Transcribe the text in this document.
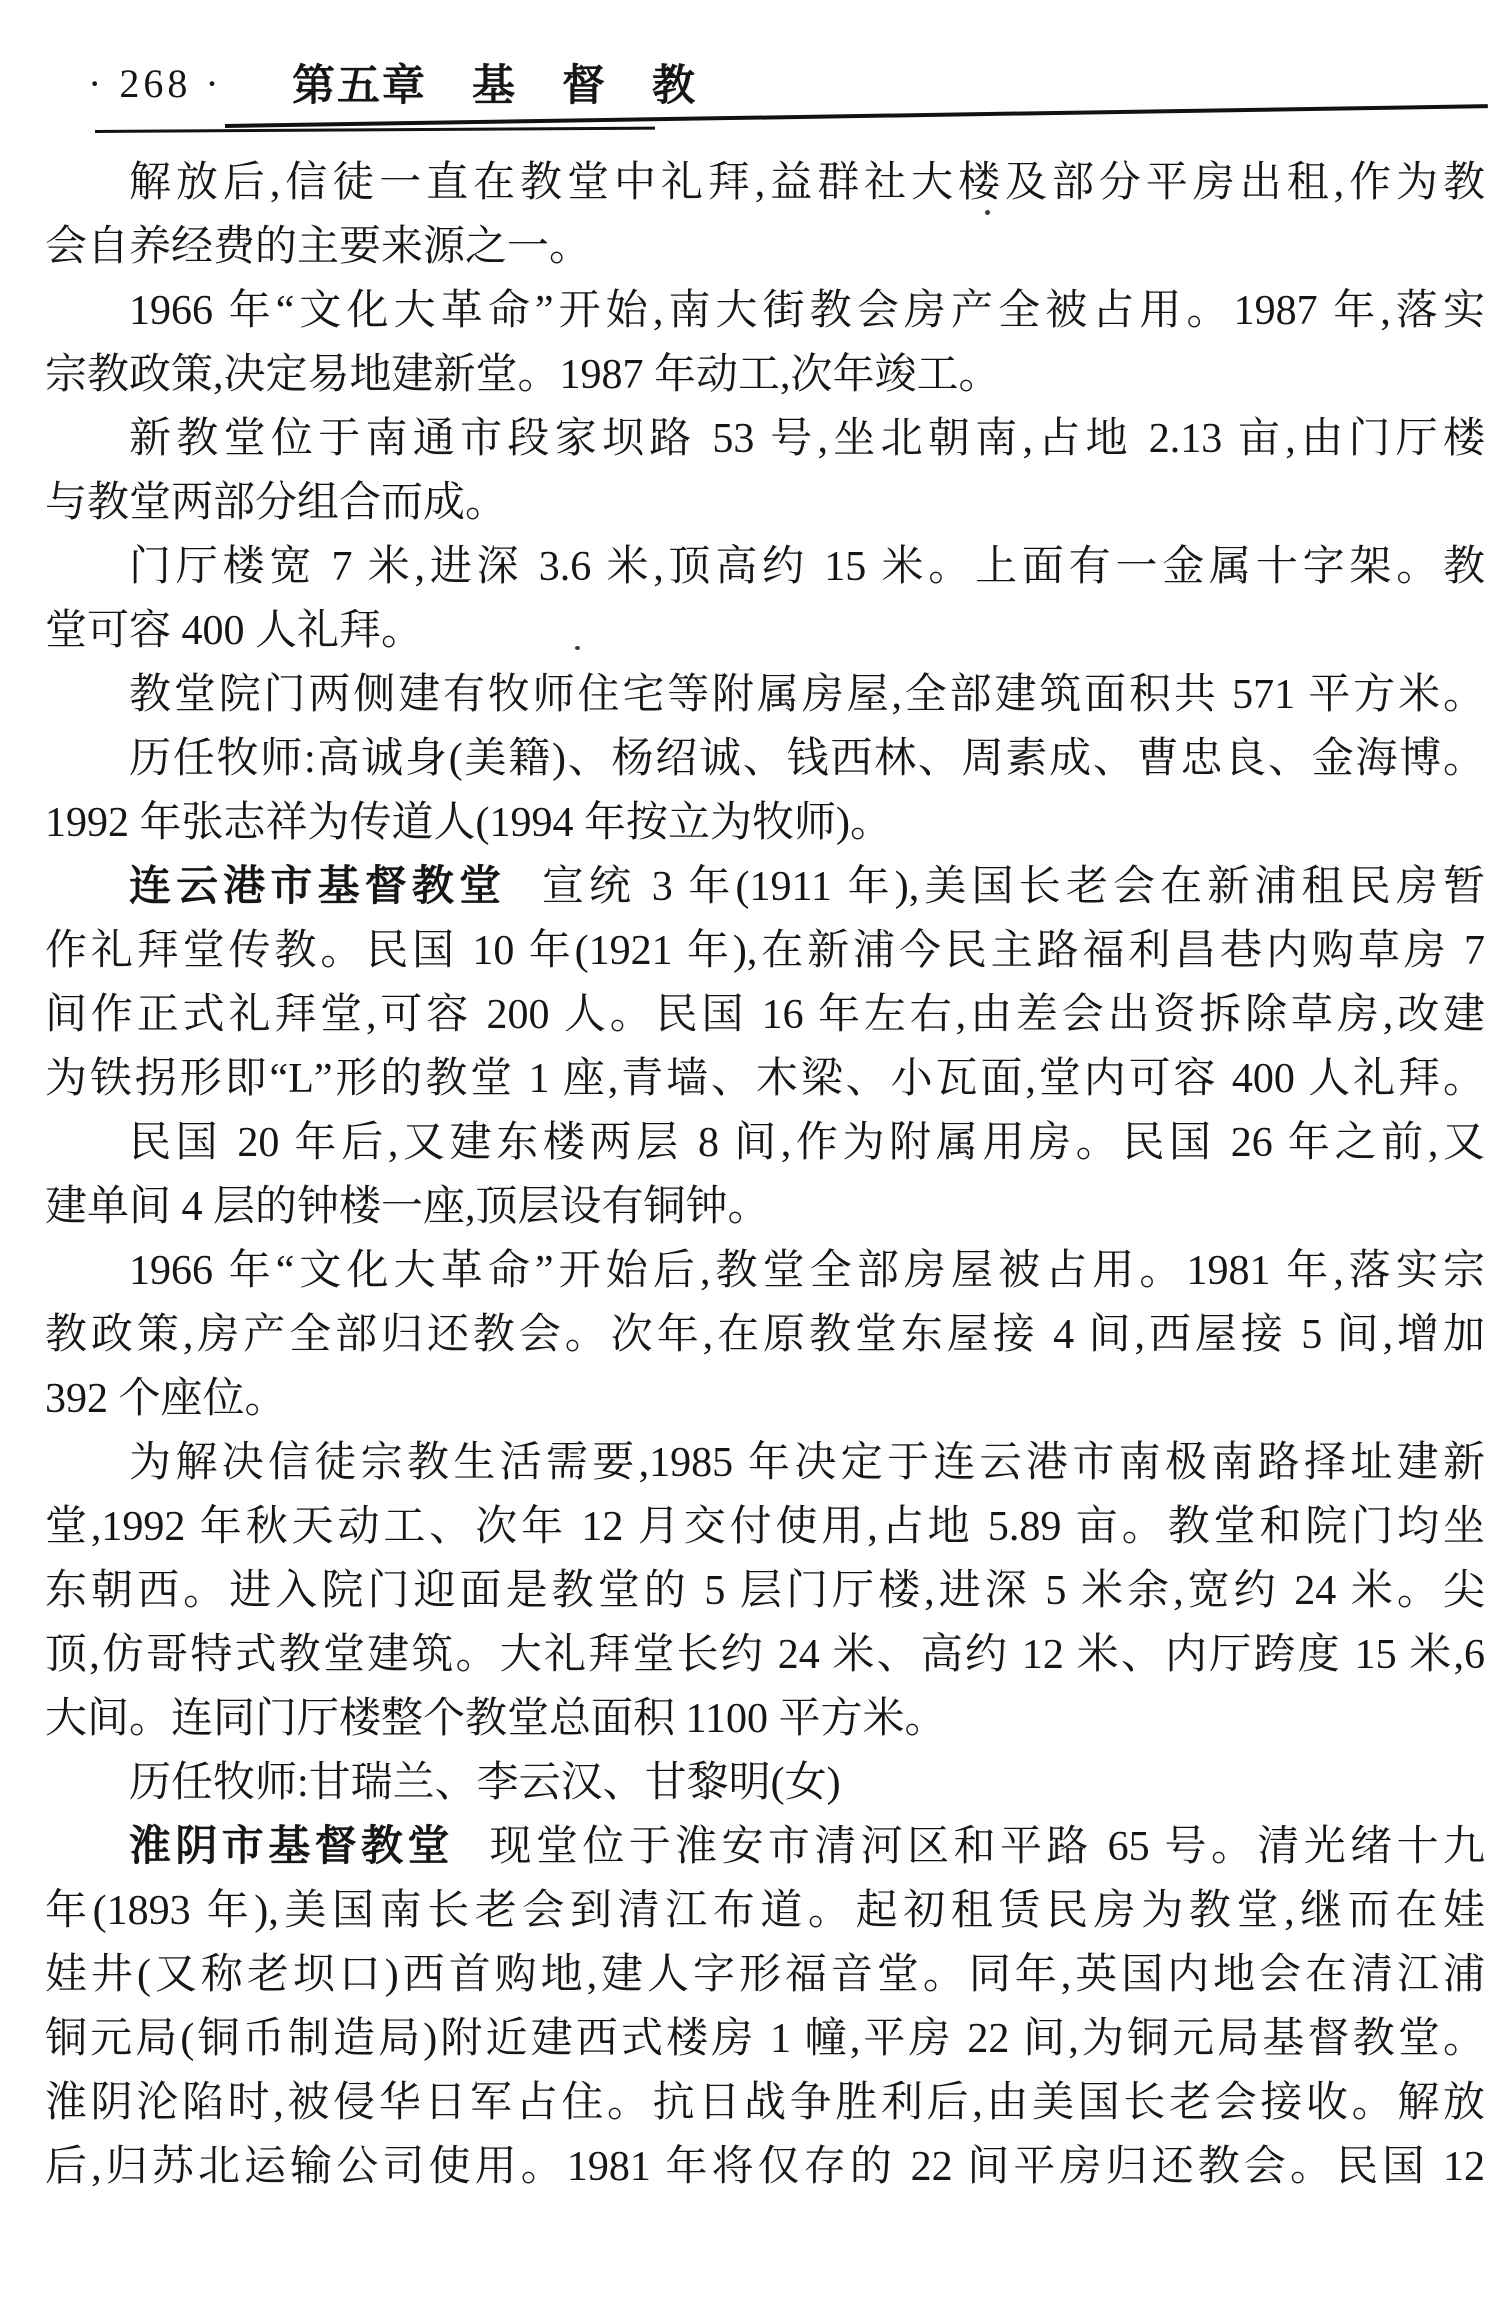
· 268 · 第五章　基　督　教
解放后,信徒一直在教堂中礼拜,益群社大楼及部分平房出租,作为教
会自养经费的主要来源之一。
1966 年“文化大革命”开始,南大街教会房产全被占用。1987 年,落实
宗教政策,决定易地建新堂。1987 年动工,次年竣工。
新教堂位于南通市段家坝路 53 号,坐北朝南,占地 2.13 亩,由门厅楼
与教堂两部分组合而成。
门厅楼宽 7 米,进深 3.6 米,顶高约 15 米。上面有一金属十字架。教
堂可容 400 人礼拜。
教堂院门两侧建有牧师住宅等附属房屋,全部建筑面积共 571 平方米。
历任牧师:高诚身(美籍)、杨绍诚、钱西林、周素成、曹忠良、金海博。
1992 年张志祥为传道人(1994 年按立为牧师)。
连云港市基督教堂 宣统 3 年(1911 年),美国长老会在新浦租民房暂
作礼拜堂传教。民国 10 年(1921 年),在新浦今民主路福利昌巷内购草房 7
间作正式礼拜堂,可容 200 人。民国 16 年左右,由差会出资拆除草房,改建
为铁拐形即“L”形的教堂 1 座,青墙、木梁、小瓦面,堂内可容 400 人礼拜。
民国 20 年后,又建东楼两层 8 间,作为附属用房。民国 26 年之前,又
建单间 4 层的钟楼一座,顶层设有铜钟。
1966 年“文化大革命”开始后,教堂全部房屋被占用。1981 年,落实宗
教政策,房产全部归还教会。次年,在原教堂东屋接 4 间,西屋接 5 间,增加
392 个座位。
为解决信徒宗教生活需要,1985 年决定于连云港市南极南路择址建新
堂,1992 年秋天动工、次年 12 月交付使用,占地 5.89 亩。教堂和院门均坐
东朝西。进入院门迎面是教堂的 5 层门厅楼,进深 5 米余,宽约 24 米。尖
顶,仿哥特式教堂建筑。大礼拜堂长约 24 米、高约 12 米、内厅跨度 15 米,6
大间。连同门厅楼整个教堂总面积 1100 平方米。
历任牧师:甘瑞兰、李云汉、甘黎明(女)
淮阴市基督教堂 现堂位于淮安市清河区和平路 65 号。清光绪十九
年(1893 年),美国南长老会到清江布道。起初租赁民房为教堂,继而在娃
娃井(又称老坝口)西首购地,建人字形福音堂。同年,英国内地会在清江浦
铜元局(铜币制造局)附近建西式楼房 1 幢,平房 22 间,为铜元局基督教堂。
淮阴沦陷时,被侵华日军占住。抗日战争胜利后,由美国长老会接收。解放
后,归苏北运输公司使用。1981 年将仅存的 22 间平房归还教会。民国 12
